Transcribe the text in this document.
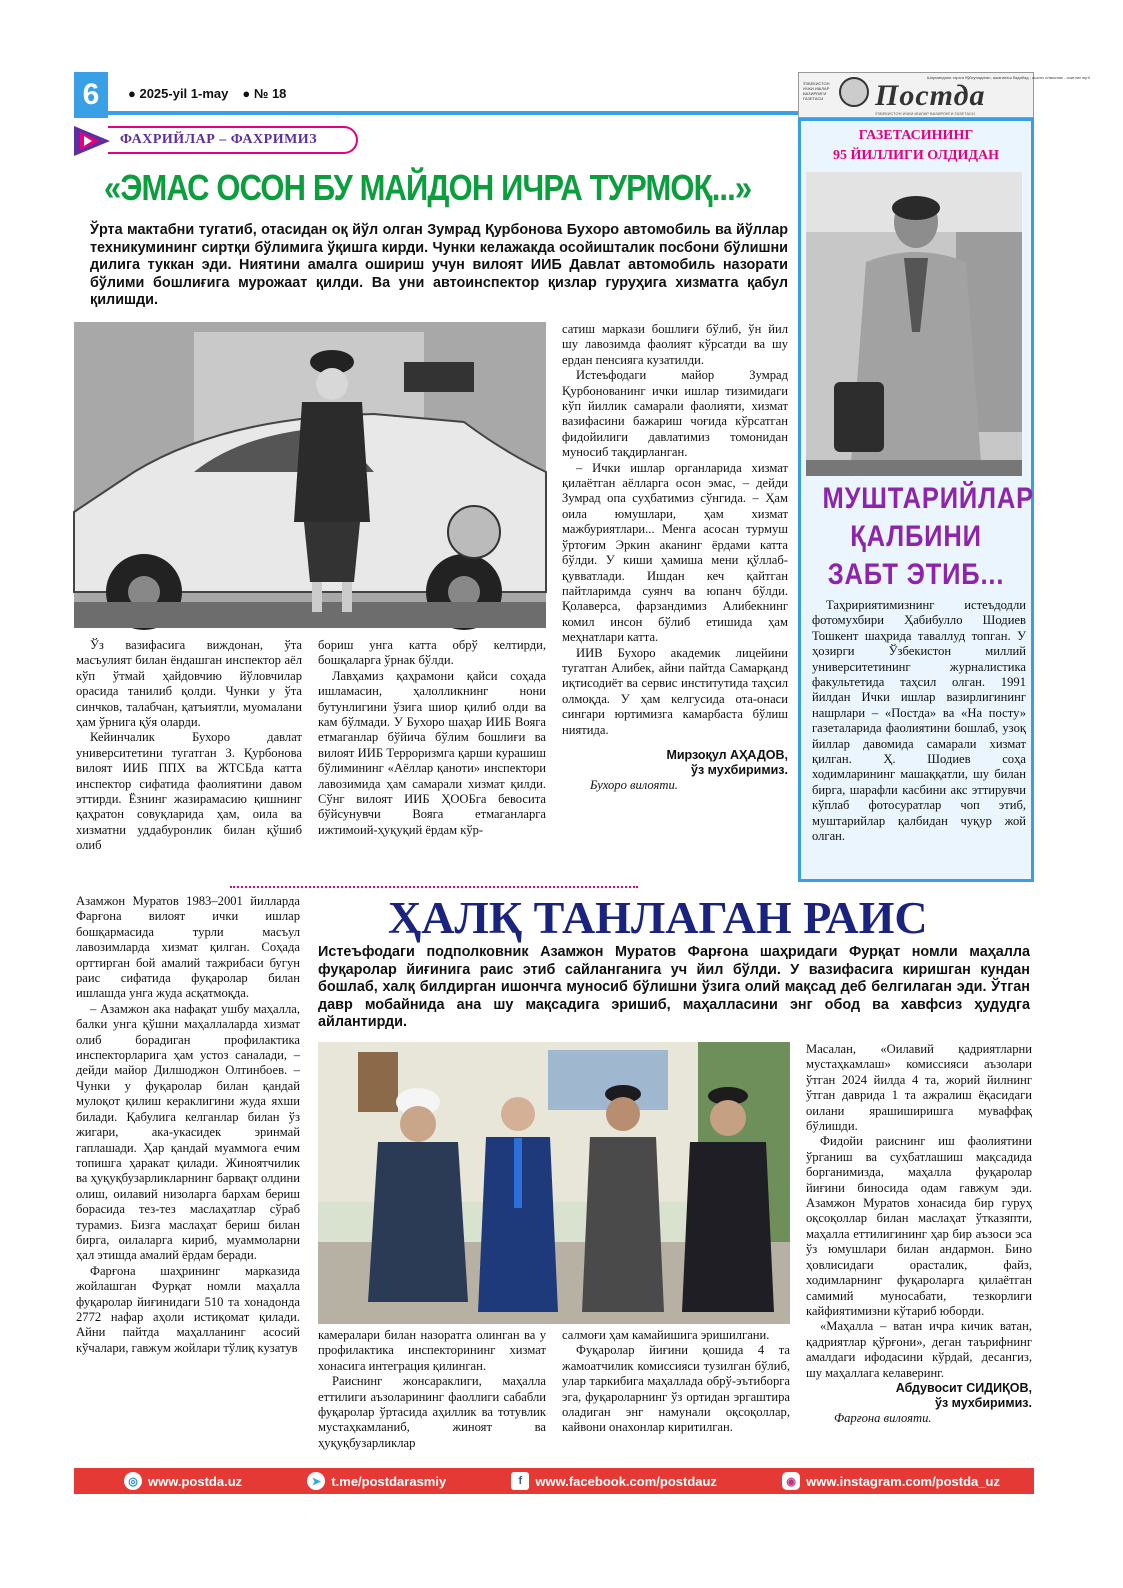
6 ● 2025-yil 1-may ● № 18
ЎЗБЕКИСТОН ИЧКИ ИШЛАР ВАЗИРЛИГИ ГАЗЕТАСИ
Шармандани тарзга бўйсунадиган, ашагинеш бадабад - ишонч олмаслик - ичиғлис юрт!
Постда
ЎЗБЕКИСТОН ИЧКИ ИШЛАР ВАЗИРЛИГИ ГАЗЕТАСИ
ФАХРИЙЛАР – ФАХРИМИЗ
«ЭМАС ОСОН БУ МАЙДОН ИЧРА ТУРМОҚ...»
Ўрта мактабни тугатиб, отасидан оқ йўл олган Зумрад Қурбонова Бухоро автомобиль ва йўллар техникумининг сиртқи бўлимига ўқишга кирди. Чунки келажакда осойишталик посбони бўлишни дилига туккан эди. Ниятини амалга ошириш учун вилоят ИИБ Давлат автомобиль назорати бўлими бошлиғига мурожаат қилди. Ва уни автоинспектор қизлар гуруҳига хизматга қабул қилишди.

Ўз вазифасига виждонан, ўта масъулият билан ёндашган инспектор аёл кўп ўтмай ҳайдовчию йўловчилар орасида танилиб қолди. Чунки у ўта синчков, талабчан, қатъиятли, муомалани ҳам ўрнига қўя оларди.

Кейинчалик Бухоро давлат университетини тугатган З. Қурбонова вилоят ИИБ ППХ ва ЖТСБда катта инспектор сифатида фаолиятини давом эттирди. Ёзнинг жазирамасию қишнинг қаҳратон совуқларида ҳам, оила ва хизматни уддабуронлик билан қўшиб олиб

бориш унга катта обрў келтирди, бошқаларга ўрнак бўлди.

Лавҳамиз қаҳрамони қайси соҳада ишламасин, ҳалолликнинг нони бутунлигини ўзига шиор қилиб олди ва кам бўлмади. У Бухоро шаҳар ИИБ Вояга етмаганлар бўйича бўлим бошлиғи ва вилоят ИИБ Терроризмга қарши курашиш бўлимининг «Аёллар қаноти» инспектори лавозимида ҳам самарали хизмат қилди. Сўнг вилоят ИИБ ҲООБга бевосита бўйсунувчи Вояга етмаганларга ижтимоий-ҳуқуқий ёрдам кўр-

сатиш маркази бошлиғи бўлиб, ўн йил шу лавозимда фаолият кўрсатди ва шу ердан пенсияга кузатилди.

Истеъфодаги майор Зумрад Қурбонованинг ички ишлар тизимидаги кўп йиллик самарали фаолияти, хизмат вазифасини бажариш чоғида кўрсатган фидойилиги давлатимиз томонидан муносиб тақдирланган.

– Ички ишлар органларида хизмат қилаётган аёлларга осон эмас, – дейди Зумрад опа суҳбатимиз сўнгида. – Ҳам оила юмушлари, ҳам хизмат мажбуриятлари... Менга асосан турмуш ўртоғим Эркин аканинг ёрдами катта бўлди. У киши ҳамиша мени қўллаб-қувватлади. Ишдан кеч қайтган пайтларимда суянч ва юпанч бўлди. Қолаверса, фарзандимиз Алибекнинг комил инсон бўлиб етишида ҳам меҳнатлари катта.

ИИВ Бухоро академик лицейини тугатган Алибек, айни пайтда Самарқанд иқтисодиёт ва сервис институтида таҳсил олмоқда. У ҳам келгусида ота-онаси сингари юртимизга камарбаста бўлиш ниятида.

Мирзоқул АҲАДОВ,

ўз мухбиримиз.

Бухоро вилояти.

ГАЗЕТАСИНИНГ
95 ЙИЛЛИГИ ОЛДИДАН
МУШТАРИЙЛАР ҚАЛБИНИ ЗАБТ ЭТИБ...
Таҳририятимизнинг истеъдодли фотомухбири Ҳабибулло Шодиев Тошкент шаҳрида таваллуд топган. У ҳозирги Ўзбекистон миллий университетининг журналистика факультетида таҳсил олган. 1991 йилдан Ички ишлар вазирлигининг нашрлари – «Постда» ва «На посту» газеталарида фаолиятини бошлаб, узоқ йиллар давомида самарали хизмат қилган. Ҳ. Шодиев соҳа ходимларининг машаққатли, шу билан бирга, шарафли касбини акс эттирувчи кўплаб фотосуратлар чоп этиб, муштарийлар қалбидан чуқур жой олган.
ҲАЛҚ ТАНЛАГАН РАИС

Азамжон Муратов 1983–2001 йилларда Фарғона вилоят ички ишлар бошқармасида турли масъул лавозимларда хизмат қилган. Соҳада орттирган бой амалий тажрибаси бугун раис сифатида фуқаролар билан ишлашда унга жуда асқатмоқда.

– Азамжон ака нафақат ушбу маҳалла, балки унга қўшни маҳаллаларда хизмат олиб борадиган профилактика инспекторларига ҳам устоз саналади, – дейди майор Дилшоджон Олтинбоев. – Чунки у фуқаролар билан қандай мулоқот қилиш кераклигини жуда яхши билади. Қабулига келганлар билан ўз жигари, ака-укасидек эринмай гаплашади. Ҳар қандай муаммога ечим топишга ҳаракат қилади. Жиноятчилик ва ҳуқуқбузарликларнинг барвақт олдини олиш, оилавий низоларга бархам бериш борасида тез-тез маслаҳатлар сўраб турамиз. Бизга маслаҳат бериш билан бирга, оилаларга кириб, муаммоларни ҳал этишда амалий ёрдам беради.

Фарғона шаҳрининг марказида жойлашган Фурқат номли маҳалла фуқаролар йиғинидаги 510 та хонадонда 2772 нафар аҳоли истиқомат қилади. Айни пайтда маҳалланинг асосий кўчалари, гавжум жойлари тўлиқ кузатув

Истеъфодаги подполковник Азамжон Муратов Фарғона шаҳридаги Фурқат номли маҳалла фуқаролар йиғинига раис этиб сайланганига уч йил бўлди. У вазифасига киришган кундан бошлаб, халқ билдирган ишончга муносиб бўлишни ўзига олий мақсад деб белгилаган эди. Ўтган давр мобайнида ана шу мақсадига эришиб, маҳалласини энг обод ва хавфсиз ҳудудга айлантирди.

камералари билан назоратга олинган ва у профилактика инспекторининг хизмат хонасига интеграция қилинган.

Раиснинг жонсараклиги, маҳалла еттилиги аъзоларининг фаоллиги сабабли фуқаролар ўртасида аҳиллик ва тотувлик мустаҳкамланиб, жиноят ва ҳуқуқбузарликлар

салмоғи ҳам камайишига эришилгани.

Фуқаролар йиғини қошида 4 та жамоатчилик комиссияси тузилган бўлиб, улар таркибига маҳаллада обрў-эътиборга эга, фуқароларнинг ўз ортидан эргаштира оладиган энг намунали оқсоқоллар, кайвони онахонлар киритилган.

Масалан, «Оилавий қадриятларни мустаҳкамлаш» комиссияси аъзолари ўтган 2024 йилда 4 та, жорий йилнинг ўтган даврида 1 та ажралиш ёқасидаги оилани ярашиширишга муваффақ бўлишди.

Фидойи раиснинг иш фаолиятини ўрганиш ва суҳбатлашиш мақсадида борганимизда, маҳалла фуқаролар йиғини биносида одам гавжум эди. Азамжон Муратов хонасида бир гуруҳ оқсоқоллар билан маслаҳат ўтказяпти, маҳалла еттилигининг ҳар бир аъзоси эса ўз юмушлари билан андармон. Бино ҳовлисидаги орасталик, файз, ходимларнинг фуқароларга қилаётган самимий муносабати, тезкорлиги кайфиятимизни кўтариб юборди.

«Маҳалла – ватан ичра кичик ватан, қадриятлар қўрғони», деган таърифнинг амалдаги ифодасини кўрдай, десангиз, шу маҳаллага келаверинг.

Абдувосит СИДИҚОВ,

ўз мухбиримиз.

Фарғона вилояти.

◎ www.postda.uz	➤ t.me/postdarasmiy	f	www.facebook.com/postdauz	◉ www.instagram.com/postda_uz
